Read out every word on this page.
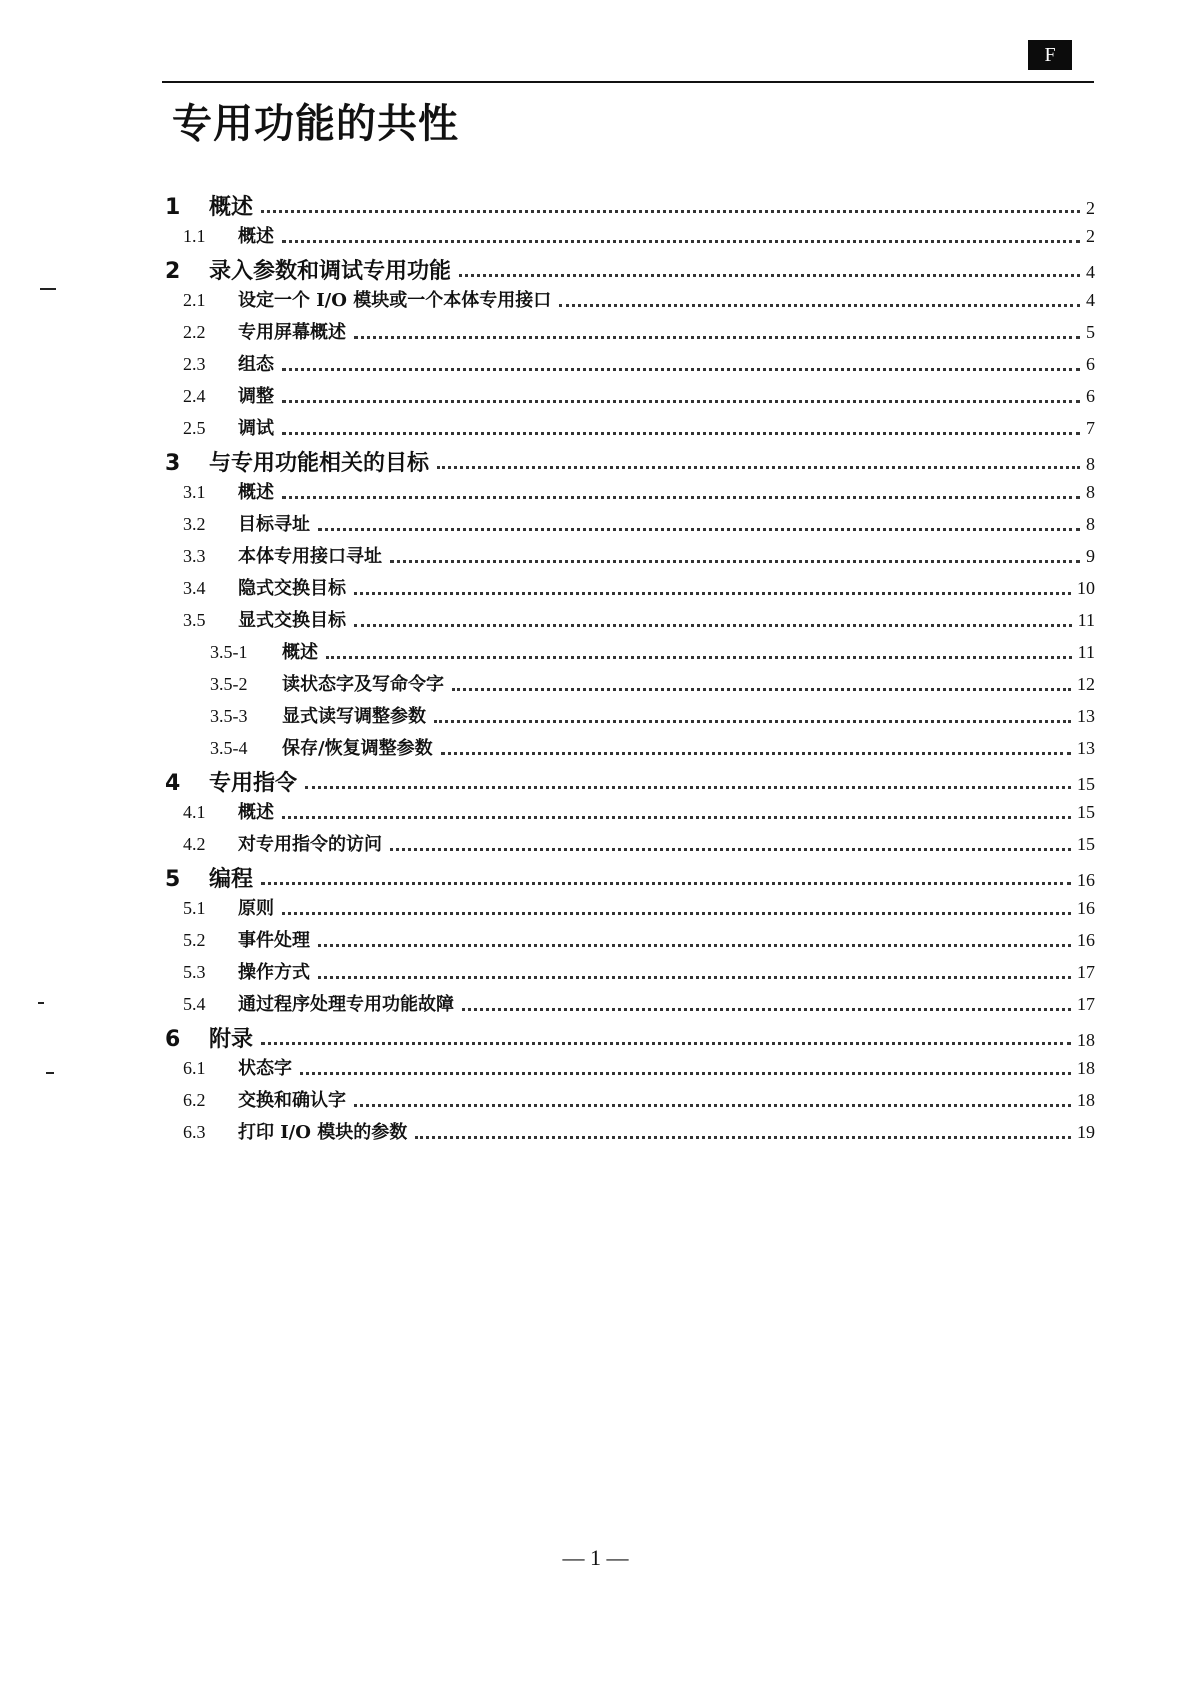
F
专用功能的共性
1	概述	2
1.1	概述	2
2	录入参数和调试专用功能	4
2.1	设定一个 I/O 模块或一个本体专用接口	4
2.2	专用屏幕概述	5
2.3	组态	6
2.4	调整	6
2.5	调试	7
3	与专用功能相关的目标	8
3.1	概述	8
3.2	目标寻址	8
3.3	本体专用接口寻址	9
3.4	隐式交换目标	10
3.5	显式交换目标	11
3.5-1	概述	11
3.5-2	读状态字及写命令字	12
3.5-3	显式读写调整参数	13
3.5-4	保存/恢复调整参数	13
4	专用指令	15
4.1	概述	15
4.2	对专用指令的访问	15
5	编程	16
5.1	原则	16
5.2	事件处理	16
5.3	操作方式	17
5.4	通过程序处理专用功能故障	17
6	附录	18
6.1	状态字	18
6.2	交换和确认字	18
6.3	打印 I/O 模块的参数	19
— 1 —
